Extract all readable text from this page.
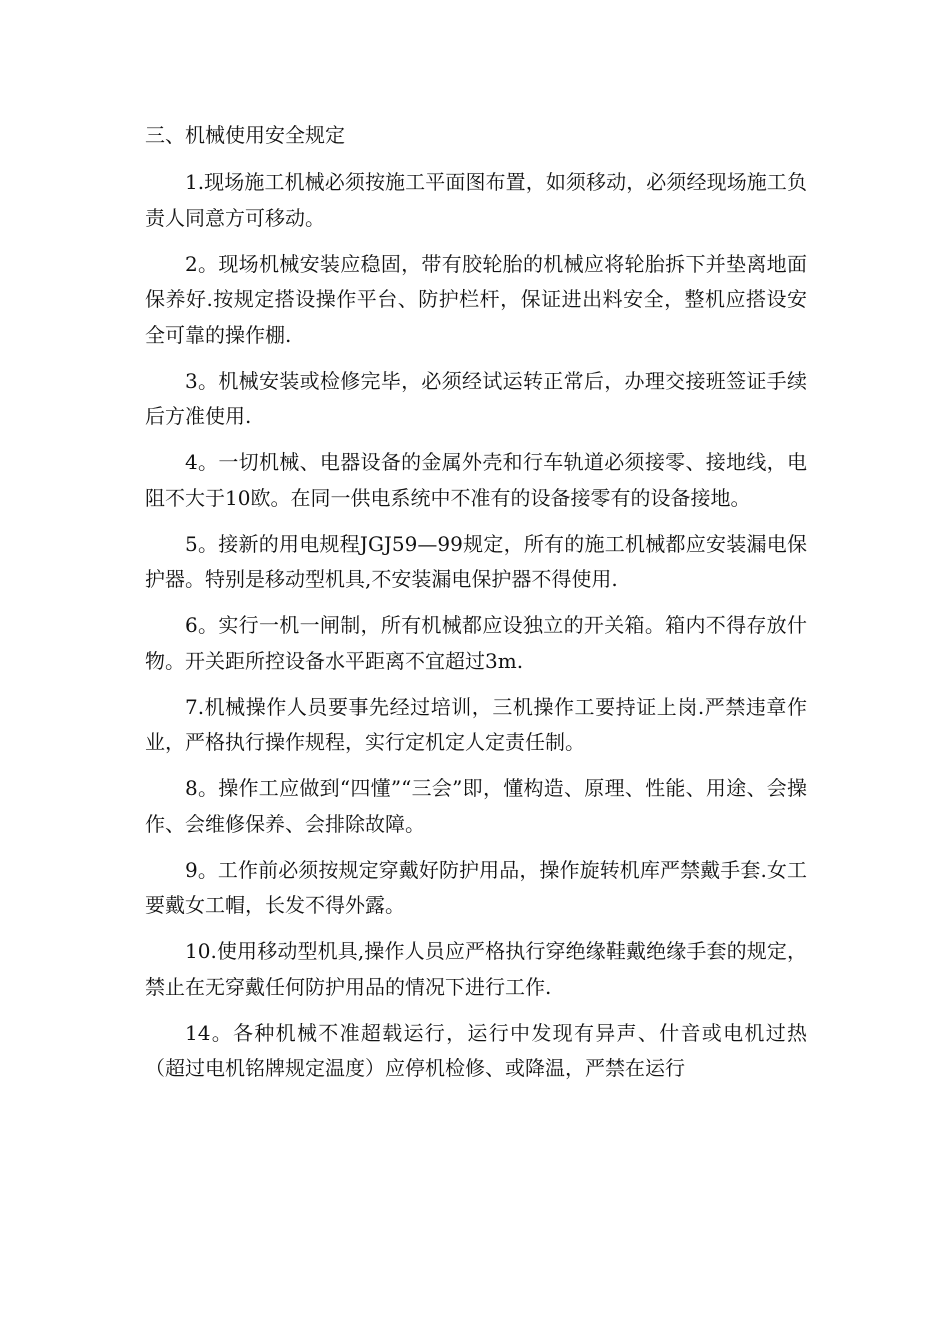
三、机械使用安全规定

1.现场施工机械必须按施工平面图布置，如须移动，必须经现场施工负责人同意方可移动。

2。现场机械安装应稳固，带有胶轮胎的机械应将轮胎拆下并垫离地面保养好.按规定搭设操作平台、防护栏杆，保证进出料安全，整机应搭设安全可靠的操作棚.

3。机械安装或检修完毕，必须经试运转正常后，办理交接班签证手续后方准使用.

4。一切机械、电器设备的金属外壳和行车轨道必须接零、接地线，电阻不大于10欧。在同一供电系统中不准有的设备接零有的设备接地。

5。接新的用电规程JGJ59—99规定，所有的施工机械都应安装漏电保护器。特别是移动型机具,不安装漏电保护器不得使用.

6。实行一机一闸制，所有机械都应设独立的开关箱。箱内不得存放什物。开关距所控设备水平距离不宜超过3m.

7.机械操作人员要事先经过培训，三机操作工要持证上岗.严禁违章作业，严格执行操作规程，实行定机定人定责任制。

8。操作工应做到“四懂”“三会”即，懂构造、原理、性能、用途、会操作、会维修保养、会排除故障。

9。工作前必须按规定穿戴好防护用品，操作旋转机库严禁戴手套.女工要戴女工帽，长发不得外露。

10.使用移动型机具,操作人员应严格执行穿绝缘鞋戴绝缘手套的规定，禁止在无穿戴任何防护用品的情况下进行工作.

14。各种机械不准超载运行，运行中发现有异声、什音或电机过热（超过电机铭牌规定温度）应停机检修、或降温，严禁在运行
